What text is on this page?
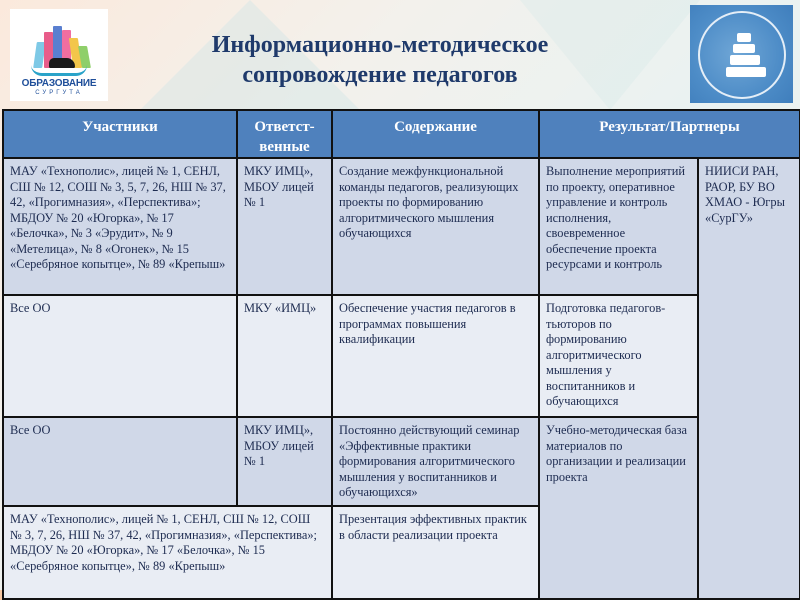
ОБРАЗОВАНИЕ
СУРГУТА
Информационно-методическое
сопровождение педагогов
Участники	Ответст-венные	Содержание	Результат/Партнеры	
МАУ «Технополис», лицей № 1, СЕНЛ, СШ № 12, СОШ № 3, 5, 7, 26, НШ № 37, 42, «Прогимназия», «Перспектива»; МБДОУ № 20 «Югорка», № 17 «Белочка», № 3 «Эрудит», № 9 «Метелица», № 8 «Огонек», № 15 «Серебряное копытце», № 89 «Крепыш»	МКУ ИМЦ», МБОУ лицей № 1	Создание межфункциональной команды педагогов, реализующих проекты по формированию алгоритмического мышления обучающихся	Выполнение мероприятий по проекту, оперативное управление и контроль исполнения, своевременное обеспечение проекта ресурсами и контроль	НИИСИ РАН, РАОР, БУ ВО ХМАО - Югры «СурГУ»
Все ОО	МКУ «ИМЦ»	Обеспечение участия педагогов в программах повышения квалификации	Подготовка педагогов-тьюторов по формированию алгоритмического мышления у воспитанников и обучающихся	
Все ОО	МКУ ИМЦ», МБОУ лицей № 1	Постоянно действующий семинар «Эффективные практики формирования алгоритмического мышления у воспитанников и обучающихся»	Учебно-методическая база материалов по организации и реализации проекта	
МАУ «Технополис», лицей № 1, СЕНЛ, СШ № 12, СОШ № 3, 7, 26, НШ № 37, 42, «Прогимназия», «Перспектива»; МБДОУ № 20 «Югорка», № 17 «Белочка», № 15 «Серебряное копытце», № 89 «Крепыш»		Презентация эффективных практик в области реализации проекта		
